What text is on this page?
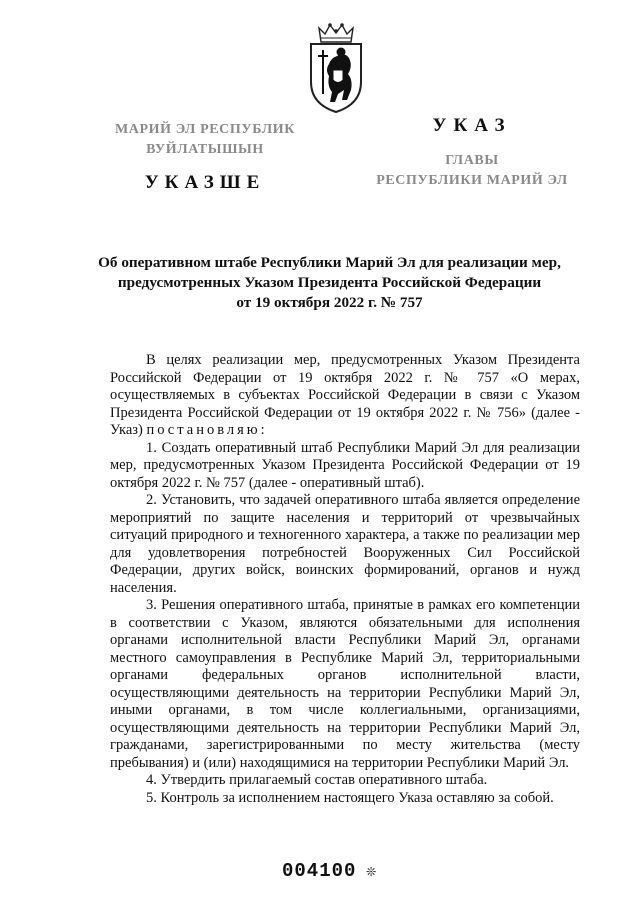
МАРИЙ ЭЛ РЕСПУБЛИК
ВУЙЛАТЫШЫН
УКАЗШЕ
УКАЗ
ГЛАВЫ
РЕСПУБЛИКИ МАРИЙ ЭЛ
Об оперативном штабе Республики Марий Эл для реализации мер,
предусмотренных Указом Президента Российской Федерации
от 19 октября 2022 г. № 757

В целях реализации мер, предусмотренных Указом Президента Российской Федерации от 19 октября 2022 г. № 757 «О мерах, осуществляемых в субъектах Российской Федерации в связи с Указом Президента Российской Федерации от 19 октября 2022 г. № 756» (далее - Указ) постановляю:

1. Создать оперативный штаб Республики Марий Эл для реализации мер, предусмотренных Указом Президента Российской Федерации от 19 октября 2022 г. № 757 (далее - оперативный штаб).

2. Установить, что задачей оперативного штаба является определение мероприятий по защите населения и территорий от чрезвычайных ситуаций природного и техногенного характера, а также по реализации мер для удовлетворения потребностей Вооруженных Сил Российской Федерации, других войск, воинских формирований, органов и нужд населения.

3. Решения оперативного штаба, принятые в рамках его компетенции в соответствии с Указом, являются обязательными для исполнения органами исполнительной власти Республики Марий Эл, органами местного самоуправления в Республике Марий Эл, территориальными органами федеральных органов исполнительной власти, осуществляющими деятельность на территории Республики Марий Эл, иными органами, в том числе коллегиальными, организациями, осуществляющими деятельность на территории Республики Марий Эл, гражданами, зарегистрированными по месту жительства (месту пребывания) и (или) находящимися на территории Республики Марий Эл.

4. Утвердить прилагаемый состав оперативного штаба.

5. Контроль за исполнением настоящего Указа оставляю за собой.

004100 ❊
